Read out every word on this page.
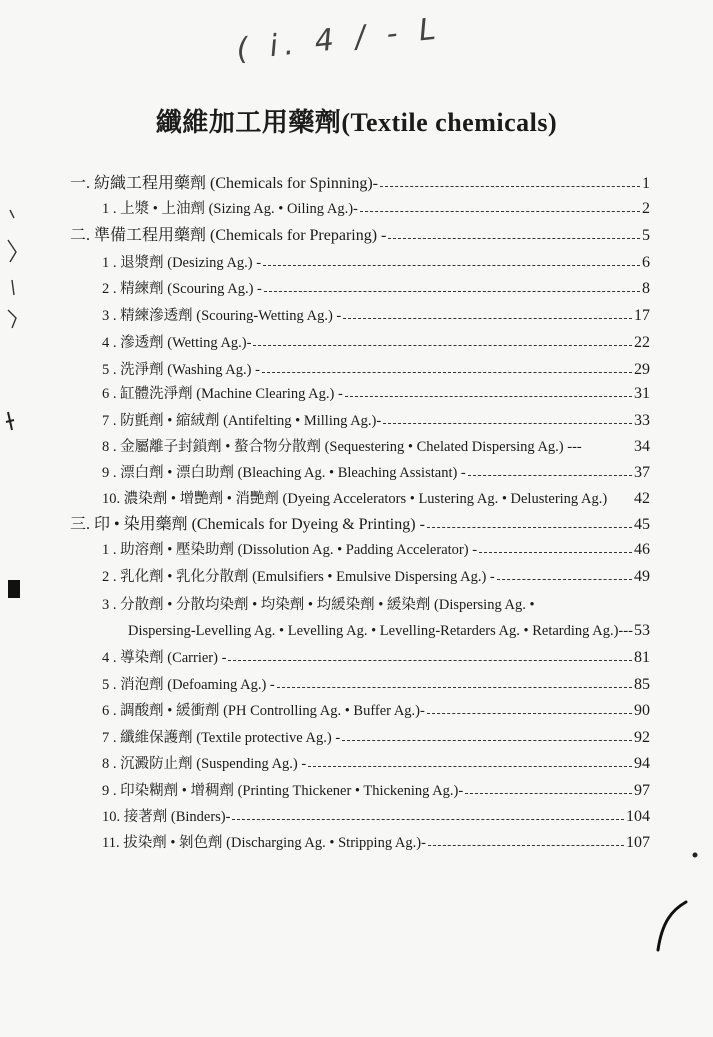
( i. 4 / - L
纖維加工用藥劑(Textile chemicals)
一. 紡織工程用藥劑 (Chemicals for Spinning)-	1
1 . 上漿 • 上油劑 (Sizing Ag. • Oiling Ag.)-	2
二. 準備工程用藥劑 (Chemicals for Preparing) -	5
1 . 退漿劑 (Desizing Ag.) -	6
2 . 精練劑 (Scouring Ag.) -	8
3 . 精練滲透劑 (Scouring-Wetting Ag.) -	17
4 . 滲透劑 (Wetting Ag.)-	22
5 . 洗淨劑 (Washing Ag.) -	29
6 . 缸體洗淨劑 (Machine Clearing Ag.) -	31
7 . 防氈劑 • 縮絨劑 (Antifelting • Milling Ag.)-	33
8 . 金屬離子封鎖劑 • 螯合物分散劑 (Sequestering • Chelated Dispersing Ag.) ---	34
9 . 漂白劑 • 漂白助劑 (Bleaching Ag. • Bleaching Assistant) -	37
10. 濃染劑 • 增艷劑 • 消艷劑 (Dyeing Accelerators • Lustering Ag. • Delustering Ag.) 42
三. 印 • 染用藥劑 (Chemicals for Dyeing & Printing) -	45
1 . 助溶劑 • 壓染助劑 (Dissolution Ag. • Padding Accelerator) -	46
2 . 乳化劑 • 乳化分散劑 (Emulsifiers • Emulsive Dispersing Ag.) -	49
3 . 分散劑 • 分散均染劑 • 均染劑 • 均緩染劑 • 緩染劑 (Dispersing Ag. •
Dispersing-Levelling Ag. • Levelling Ag. • Levelling-Retarders Ag. • Retarding Ag.)--- 53
4 . 導染劑 (Carrier) -	81
5 . 消泡劑 (Defoaming Ag.) -	85
6 . 調酸劑 • 緩衝劑 (PH Controlling Ag. • Buffer Ag.)-	90
7 . 纖維保護劑 (Textile protective Ag.) -	92
8 . 沉澱防止劑 (Suspending Ag.) -	94
9 . 印染糊劑 • 增稠劑 (Printing Thickener • Thickening Ag.)-	97
10. 接著劑 (Binders)-	104
11. 拔染劑 • 剝色劑 (Discharging Ag. • Stripping Ag.)-	107
